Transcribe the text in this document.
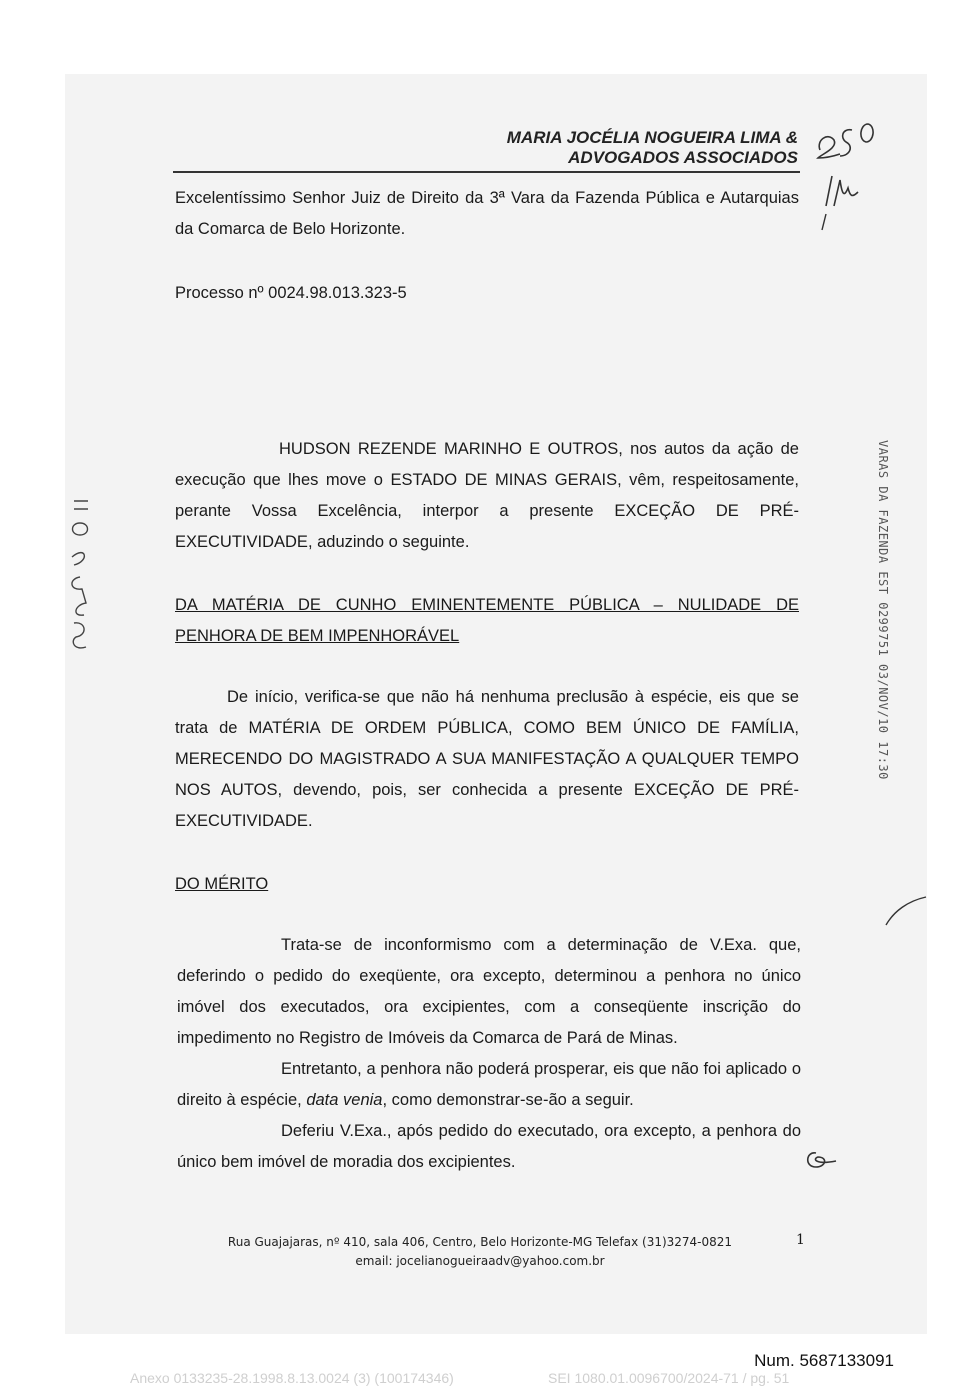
MARIA JOCÉLIA NOGUEIRA LIMA &
ADVOGADOS ASSOCIADOS

Excelentíssimo Senhor Juiz de Direito da 3ª Vara da Fazenda Pública e Autarquias da Comarca de Belo Horizonte.

Processo nº 0024.98.013.323-5

HUDSON REZENDE MARINHO E OUTROS, nos autos da ação de execução que lhes move o ESTADO DE MINAS GERAIS, vêm, respeitosamente, perante Vossa Excelência, interpor a presente EXCEÇÃO DE PRÉ-EXECUTIVIDADE, aduzindo o seguinte.

DA MATÉRIA DE CUNHO EMINENTEMENTE PÚBLICA – NULIDADE DE PENHORA DE BEM IMPENHORÁVEL

De início, verifica-se que não há nenhuma preclusão à espécie, eis que se trata de MATÉRIA DE ORDEM PÚBLICA, COMO BEM ÚNICO DE FAMÍLIA, MERECENDO DO MAGISTRADO A SUA MANIFESTAÇÃO A QUALQUER TEMPO NOS AUTOS, devendo, pois, ser conhecida a presente EXCEÇÃO DE PRÉ-EXECUTIVIDADE.

DO MÉRITO

Trata-se de inconformismo com a determinação de V.Exa. que, deferindo o pedido do exeqüente, ora excepto, determinou a penhora no único imóvel dos executados, ora excipientes, com a conseqüente inscrição do impedimento no Registro de Imóveis da Comarca de Pará de Minas.

Entretanto, a penhora não poderá prosperar, eis que não foi aplicado o direito à espécie, data venia, como demonstrar-se-ão a seguir.

Deferiu V.Exa., após pedido do executado, ora excepto, a penhora do único bem imóvel de moradia dos excipientes.

VARAS DA FAZENDA EST 0299751 03/NOV/10 17:30
Rua Guajajaras, nº 410, sala 406, Centro, Belo Horizonte-MG Telefax (31)3274-0821
email: jocelianogueiraadv@yahoo.com.br
1
Num. 5687133091
Anexo 0133235-28.1998.8.13.0024 (3) (100174346)	SEI 1080.01.0096700/2024-71 / pg. 51
